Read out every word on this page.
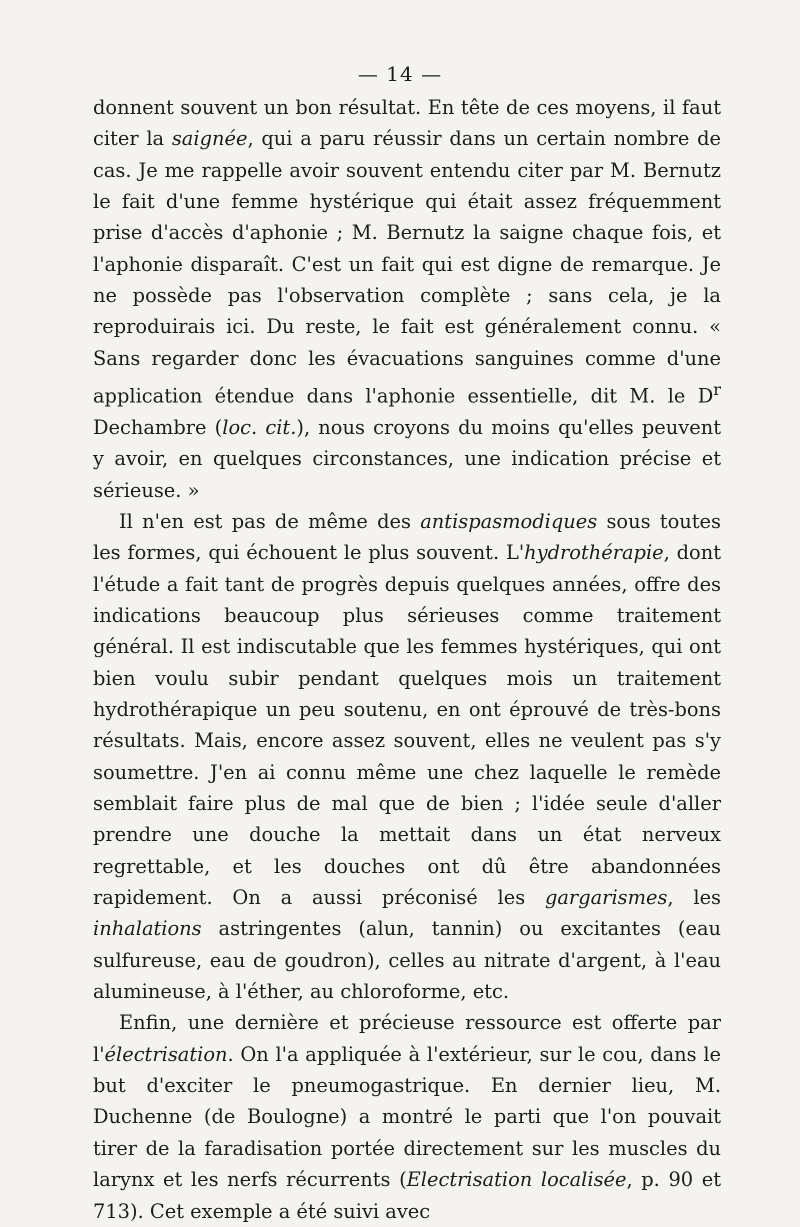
— 14 —

donnent souvent un bon résultat. En tête de ces moyens, il faut citer la saignée, qui a paru réussir dans un certain nombre de cas. Je me rappelle avoir souvent entendu citer par M. Bernutz le fait d'une femme hystérique qui était assez fréquemment prise d'accès d'aphonie ; M. Bernutz la saigne chaque fois, et l'aphonie disparaît. C'est un fait qui est digne de remarque. Je ne possède pas l'observation complète ; sans cela, je la reproduirais ici. Du reste, le fait est généralement connu. « Sans regarder donc les évacuations sanguines comme d'une application étendue dans l'aphonie essentielle, dit M. le $D^r$ Dechambre (loc. cit.), nous croyons du moins qu'elles peuvent y avoir, en quelques circonstances, une indication précise et sérieuse. »

Il n'en est pas de même des antispasmodiques sous toutes les formes, qui échouent le plus souvent. L'hydrothérapie, dont l'étude a fait tant de progrès depuis quelques années, offre des indications beaucoup plus sérieuses comme traitement général. Il est indiscutable que les femmes hystériques, qui ont bien voulu subir pendant quelques mois un traitement hydrothérapique un peu soutenu, en ont éprouvé de très-bons résultats. Mais, encore assez souvent, elles ne veulent pas s'y soumettre. J'en ai connu même une chez laquelle le remède semblait faire plus de mal que de bien ; l'idée seule d'aller prendre une douche la mettait dans un état nerveux regrettable, et les douches ont dû être abandonnées rapidement. On a aussi préconisé les gargarismes, les inhalations astringentes (alun, tannin) ou excitantes (eau sulfureuse, eau de goudron), celles au nitrate d'argent, à l'eau alumineuse, à l'éther, au chloroforme, etc.

Enfin, une dernière et précieuse ressource est offerte par l'électrisation. On l'a appliquée à l'extérieur, sur le cou, dans le but d'exciter le pneumogastrique. En dernier lieu, M. Duchenne (de Boulogne) a montré le parti que l'on pouvait tirer de la faradisation portée directement sur les muscles du larynx et les nerfs récurrents (Electrisation localisée, p. 90 et 713). Cet exemple a été suivi avec
